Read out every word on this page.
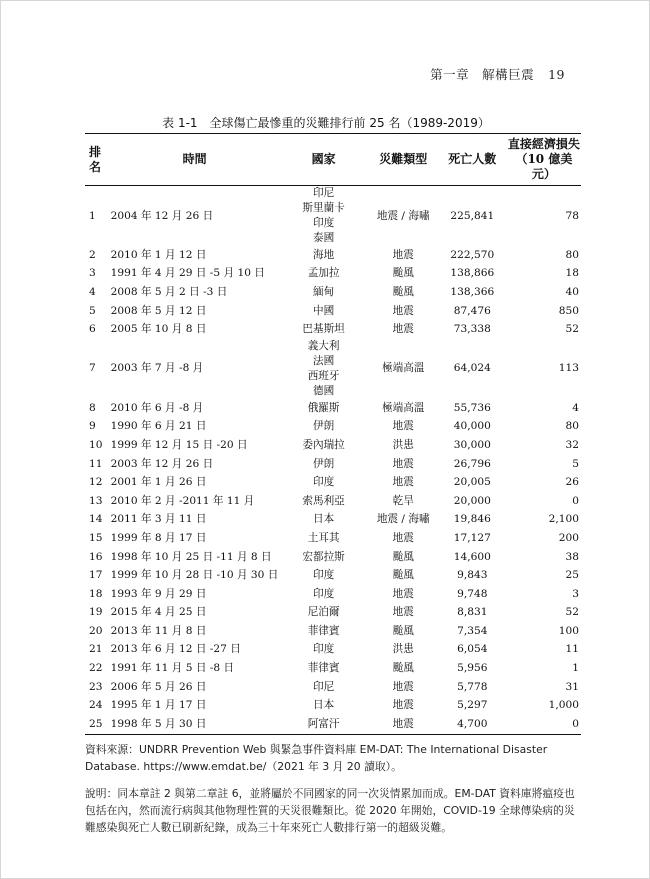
第一章　解構巨震 19
表 1-1　全球傷亡最慘重的災難排行前 25 名（1989-2019）
排名	時間	國家	災難類型	死亡人數	直接經濟損失
（10 億美元）

1	2004 年 12 月 26 日	印尼
斯里蘭卡
印度
泰國	地震 / 海嘯	225,841	78
2	2010 年 1 月 12 日	海地	地震	222,570	80
3	1991 年 4 月 29 日 -5 月 10 日	孟加拉	颱風	138,866	18
4	2008 年 5 月 2 日 -3 日	緬甸	颱風	138,366	40
5	2008 年 5 月 12 日	中國	地震	87,476	850
6	2005 年 10 月 8 日	巴基斯坦	地震	73,338	52
7	2003 年 7 月 -8 月	義大利
法國
西班牙
德國	極端高溫	64,024	113
8	2010 年 6 月 -8 月	俄羅斯	極端高溫	55,736	4
9	1990 年 6 月 21 日	伊朗	地震	40,000	80
10	1999 年 12 月 15 日 -20 日	委內瑞拉	洪患	30,000	32
11	2003 年 12 月 26 日	伊朗	地震	26,796	5
12	2001 年 1 月 26 日	印度	地震	20,005	26
13	2010 年 2 月 -2011 年 11 月	索馬利亞	乾旱	20,000	0
14	2011 年 3 月 11 日	日本	地震 / 海嘯	19,846	2,100
15	1999 年 8 月 17 日	土耳其	地震	17,127	200
16	1998 年 10 月 25 日 -11 月 8 日	宏都拉斯	颱風	14,600	38
17	1999 年 10 月 28 日 -10 月 30 日	印度	颱風	9,843	25
18	1993 年 9 月 29 日	印度	地震	9,748	3
19	2015 年 4 月 25 日	尼泊爾	地震	8,831	52
20	2013 年 11 月 8 日	菲律賓	颱風	7,354	100
21	2013 年 6 月 12 日 -27 日	印度	洪患	6,054	11
22	1991 年 11 月 5 日 -8 日	菲律賓	颱風	5,956	1
23	2006 年 5 月 26 日	印尼	地震	5,778	31
24	1995 年 1 月 17 日	日本	地震	5,297	1,000
25	1998 年 5 月 30 日	阿富汗	地震	4,700	0
資料來源：UNDRR Prevention Web 與緊急事件資料庫 EM-DAT: The International Disaster Database. https://www.emdat.be/（2021 年 3 月 20 讀取）。
說明：同本章註 2 與第二章註 6，並將屬於不同國家的同一次災情累加而成。EM-DAT 資料庫將瘟疫也包括在內，然而流行病與其他物理性質的天災很難類比。從 2020 年開始，COVID-19 全球傳染病的災難感染與死亡人數已刷新紀錄，成為三十年來死亡人數排行第一的超級災難。
